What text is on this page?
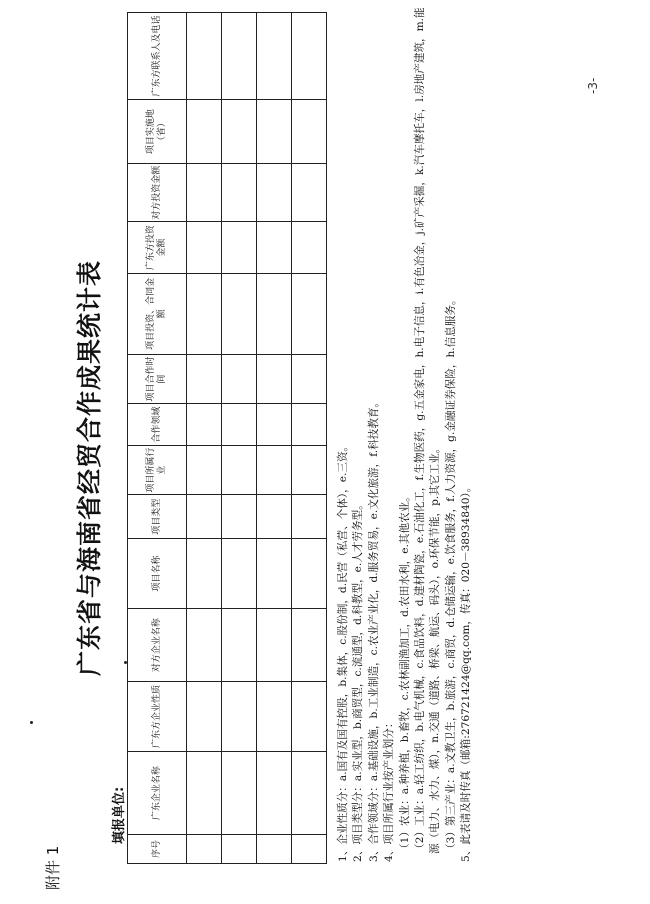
附件 1
广东省与海南省经贸合作成果统计表
填报单位:
序号	广东企业名称	广东方企业性质	对方企业名称	项目名称	项目类型	项目所属行业	合作领域	项目合作时间	项目投资、合同金额	广东方投资金额	对方投资金额	项目实施地（省）	广东方联系人及电话

1、企业性质分：a.国有及国有控股，b.集体，c.股份制，d.民营（私营、个体），e.三资。 2、项目类型分：a.实业型，b.商贸型，c.流通型，d.科教型，e.人才劳务型。 3、合作领域分：a.基础设施，b.工业制造，c.农业产业化，d.服务贸易，e.文化旅游，f.科技教育。 4、项目所属行业按产业划分： （1）农业：a.种养植，b.畜牧，c.农林副渔加工，d.农田水利，e.其他农业。 （2）工业：a.轻工纺织，b.电气机械，c.食品饮料，d.建材陶瓷，e.石油化工，f.生物医药，g.五金家电，h.电子信息，i.有色冶金，j.矿产采掘，k.汽车摩托车，l.房地产建筑，m.能源（电力、水力、煤），n.交通（道路、桥梁、航运、码头），o.环保节能，p.其它工业。 （3）第三产业：a.文教卫生，b.旅游，c.商贸，d.仓储运输，e.饮食服务，f.人力资源，g.金融证券保险，h.信息服务。 5、此表请及时传真（邮箱:276721424@qq.com，传真：020－38934840）。
-3-
